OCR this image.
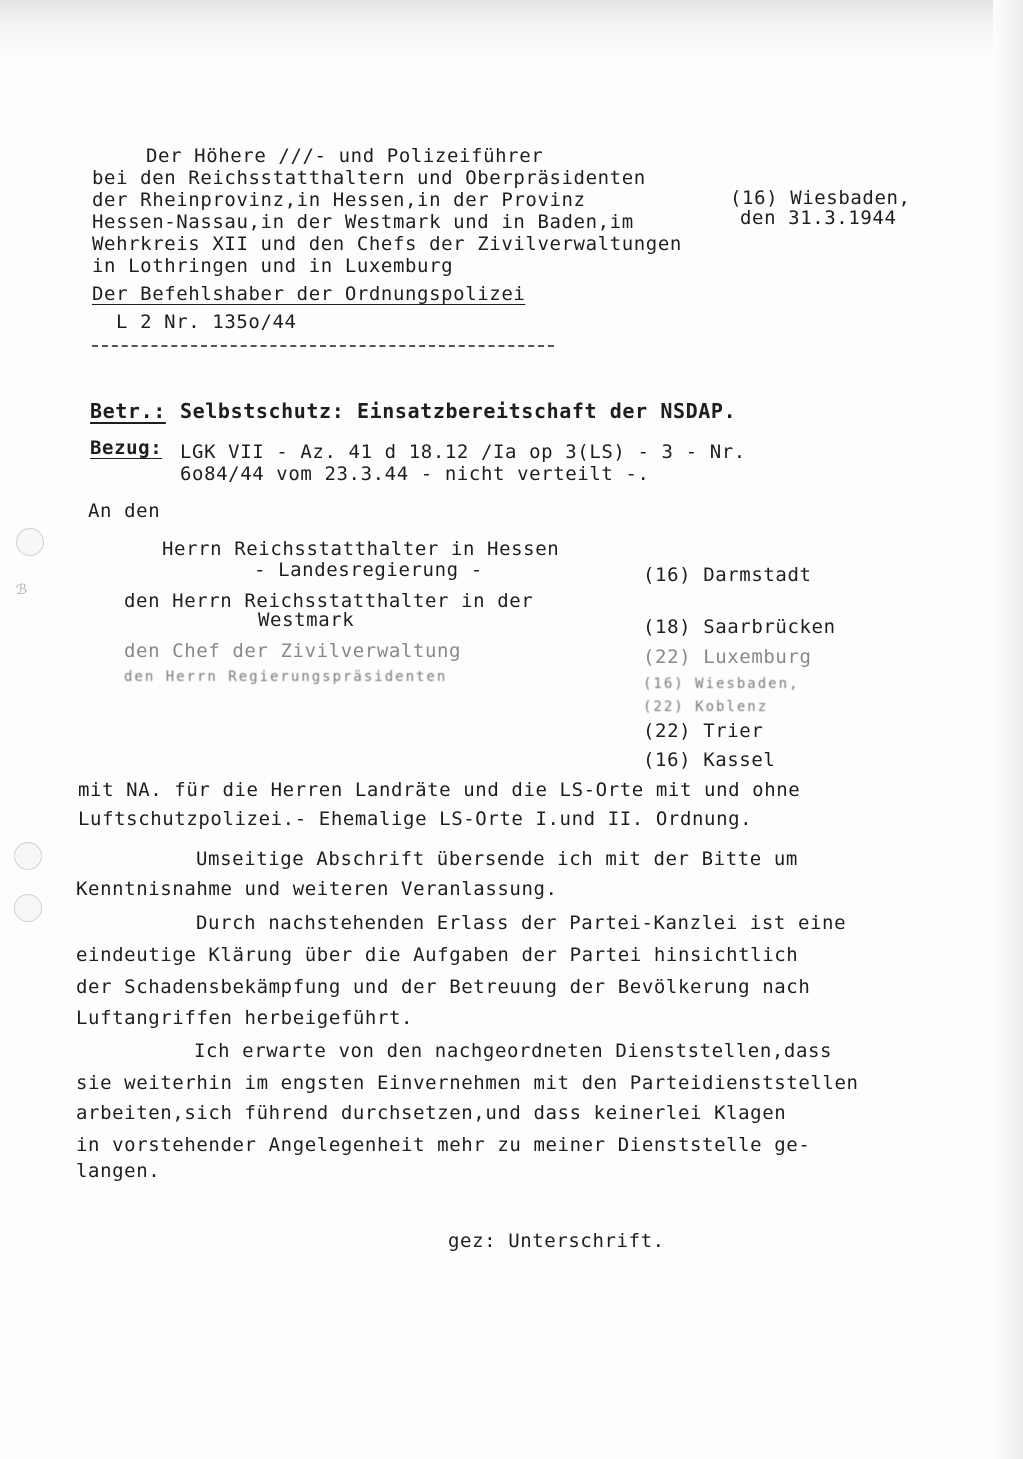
ℬ
Der Höhere ///- und Polizeiführer
bei den Reichsstatthaltern und Oberpräsidenten
der Rheinprovinz,in Hessen,in der Provinz
Hessen-Nassau,in der Westmark und in Baden,im
Wehrkreis XII und den Chefs der Zivilverwaltungen
in Lothringen und in Luxemburg
Der Befehlshaber der Ordnungspolizei
L 2 Nr. 135o/44
(16) Wiesbaden,
den 31.3.1944
Betr.: Selbstschutz: Einsatzbereitschaft der NSDAP.
Bezug: LGK VII - Az. 41 d 18.12 /Ia op 3(LS) - 3 - Nr.
6o84/44 vom 23.3.44 - nicht verteilt -.
An den
Herrn Reichsstatthalter in Hessen
- Landesregierung -	(16) Darmstadt
den Herrn Reichsstatthalter in der
Westmark	(18) Saarbrücken
den Chef der Zivilverwaltung	(22) Luxemburg
den Herrn Regierungspräsidenten	(16) Wiesbaden,
(22) Koblenz
(22) Trier
(16) Kassel
mit NA. für die Herren Landräte und die LS-Orte mit und ohne
Luftschutzpolizei.- Ehemalige LS-Orte I.und II. Ordnung.
Umseitige Abschrift übersende ich mit der Bitte um
Kenntnisnahme und weiteren Veranlassung.
Durch nachstehenden Erlass der Partei-Kanzlei ist eine
eindeutige Klärung über die Aufgaben der Partei hinsichtlich
der Schadensbekämpfung und der Betreuung der Bevölkerung nach
Luftangriffen herbeigeführt.
Ich erwarte von den nachgeordneten Dienststellen,dass
sie weiterhin im engsten Einvernehmen mit den Parteidienststellen
arbeiten,sich führend durchsetzen,und dass keinerlei Klagen
in vorstehender Angelegenheit mehr zu meiner Dienststelle ge-
langen.
gez: Unterschrift.
